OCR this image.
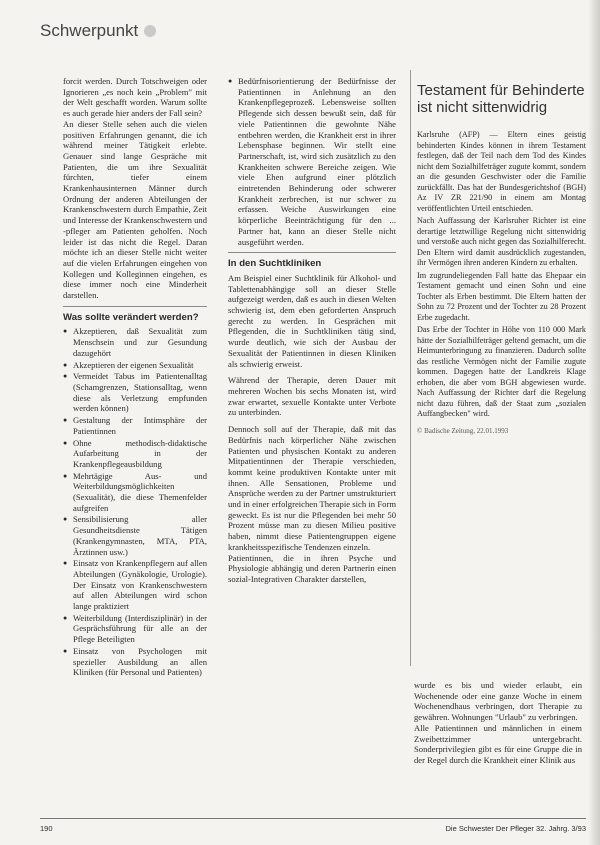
Schwerpunkt

forcit werden. Durch Totschweigen oder Ignorieren „es noch kein „Problem" mit der Welt geschafft worden. Warum sollte es auch gerade hier anders der Fall sein?

An dieser Stelle sehen auch die vielen positiven Erfahrungen genannt, die ich während meiner Tätigkeit erlebte. Genauer sind lange Gespräche mit Patienten, die um ihre Sexualität fürchten, tiefer einem Krankenhausinternen Männer durch Ordnung der anderen Abteilungen der Krankenschwestern durch Empathie, Zeit und Interesse der Krankenschwestern und -pfleger am Patienten geholfen. Noch leider ist das nicht die Regel. Daran möchte ich an dieser Stelle nicht weiter auf die vielen Erfahrungen eingehen von Kollegen und Kolleginnen eingehen, es diese immer noch eine Minderheit darstellen.

Was sollte verändert werden?
● Akzeptieren, daß Sexualität zum Menschsein und zur Gesundung dazugehört
● Akzeptieren der eigenen Sexualität
● Vermeidet Tabus im Patientenalltag (Schamgrenzen, Stationsalltag, wenn diese als Verletzung empfunden werden können)
● Gestaltung der Intimsphäre der Patientinnen
● Ohne methodisch-didaktische Aufarbeitung in der Krankenpflegeausbildung
● Mehrtägige Aus- und Weiterbildungsmöglichkeiten (Sexualität), die diese Themenfelder aufgreifen
● Sensibilisierung aller Gesundheitsdienste Tätigen (Krankengymnasten, MTA, PTA, Ärztinnen usw.)
● Einsatz von Krankenpflegern auf allen Abteilungen (Gynäkologie, Urologie). Der Einsatz von Krankenschwestern auf allen Abteilungen wird schon lange praktiziert
● Weiterbildung (Interdisziplinär) in der Gesprächsführung für alle an der Pflege Beteiligten
● Einsatz von Psychologen mit spezieller Ausbildung an allen Kliniken (für Personal und Patienten)
● Bedürfnisorientierung der Bedürfnisse der Patientinnen in Anlehnung an den Krankenpflegeprozeß. Lebensweise sollten Pflegende sich dessen bewußt sein, daß für viele Patientinnen die gewohnte Nähe entbehren werden, die Krankheit erst in ihrer Lebensphase beginnen. Wir stellt eine Partnerschaft, ist, wird sich zusätzlich zu den Krankheiten schwere Bereiche zeigen. Wie viele Ehen aufgrund einer plötzlich eintretenden Behinderung oder schwerer Krankheit zerbrechen, ist nur schwer zu erfassen. Weiche Auswirkungen eine körperliche Beeinträchtigung für den ... Partner hat, kann an dieser Stelle nicht ausgeführt werden.
In den Suchtkliniken

Am Beispiel einer Suchtklinik für Alkohol- und Tablettenabhängige soll an dieser Stelle aufgezeigt werden, daß es auch in diesen Welten schwierig ist, dem eben geforderten Anspruch gerecht zu werden. In Gesprächen mit Pflegenden, die in Suchtkliniken tätig sind, wurde deutlich, wie sich der Ausbau der Sexualität der Patientinnen in diesen Kliniken als schwierig erweist.

Während der Therapie, deren Dauer mit mehreren Wochen bis sechs Monaten ist, wird zwar erwartet, sexuelle Kontakte unter Verbote zu unterbinden.

Dennoch soll auf der Therapie, daß mit das Bedürfnis nach körperlicher Nähe zwischen Patienten und physischen Kontakt zu anderen Mitpatientinnen der Therapie verschieden, kommt keine produktiven Kontakte unter mit ihnen. Alle Sensationen, Probleme und Ansprüche werden zu der Partner umstrukturiert und in einer erfolgreichen Therapie sich in Form geweckt. Es ist nur die Pflegenden bei mehr 50 Prozent müsse man zu diesen Milieu positive haben, nimmt diese Patientengruppen eigene krankheitsspezifische Tendenzen einzeln.

Patientinnen, die in ihren Psyche und Physiologie abhängig und deren Partnerin einen sozial-Integrativen Charakter darstellen,

Testament für Behinderte ist nicht sittenwidrig

Karlsruhe (AFP) — Eltern eines geistig behinderten Kindes können in ihrem Testament festlegen, daß der Teil nach dem Tod des Kindes nicht dem Sozialhilfeträger zugute kommt, sondern an die gesunden Geschwister oder die Familie zurückfällt. Das hat der Bundesgerichtshof (BGH) Az IV ZR 221/90 in einem am Montag veröffentlichten Urteil entschieden.

Nach Auffassung der Karlsruher Richter ist eine derartige letztwillige Regelung nicht sittenwidrig und verstoße auch nicht gegen das Sozialhilferecht. Den Eltern wird damit ausdrücklich zugestanden, ihr Vermögen ihren anderen Kindern zu erhalten.

Im zugrundeliegenden Fall hatte das Ehepaar ein Testament gemacht und einen Sohn und eine Tochter als Erben bestimmt. Die Eltern hatten der Sohn zu 72 Prozent und der Tochter zu 28 Prozent Erbe zugedacht.

Das Erbe der Tochter in Höhe von 110 000 Mark hätte der Sozialhilfeträger geltend gemacht, um die Heimunterbringung zu finanzieren. Dadurch sollte das restliche Vermögen nicht der Familie zugute kommen. Dagegen hatte der Landkreis Klage erhoben, die aber vom BGH abgewiesen wurde. Nach Auffassung der Richter darf die Regelung nicht dazu führen, daß der Staat zum „sozialen Auffangbecken" wird.

© Badische Zeitung, 22.01.1993

wurde es bis und wieder erlaubt, ein Wochenende oder eine ganze Woche in einem Wochenendhaus verbringen, dort Therapie zu gewähren. Wohnungen "Urlaub" zu verbringen.

Alle Patientinnen und männlichen in einem Zweibettzimmer untergebracht. Sonderprivilegien gibt es für eine Gruppe die in der Regel durch die Krankheit einer Klinik aus

190	Die Schwester Der Pfleger 32. Jahrg. 3/93
